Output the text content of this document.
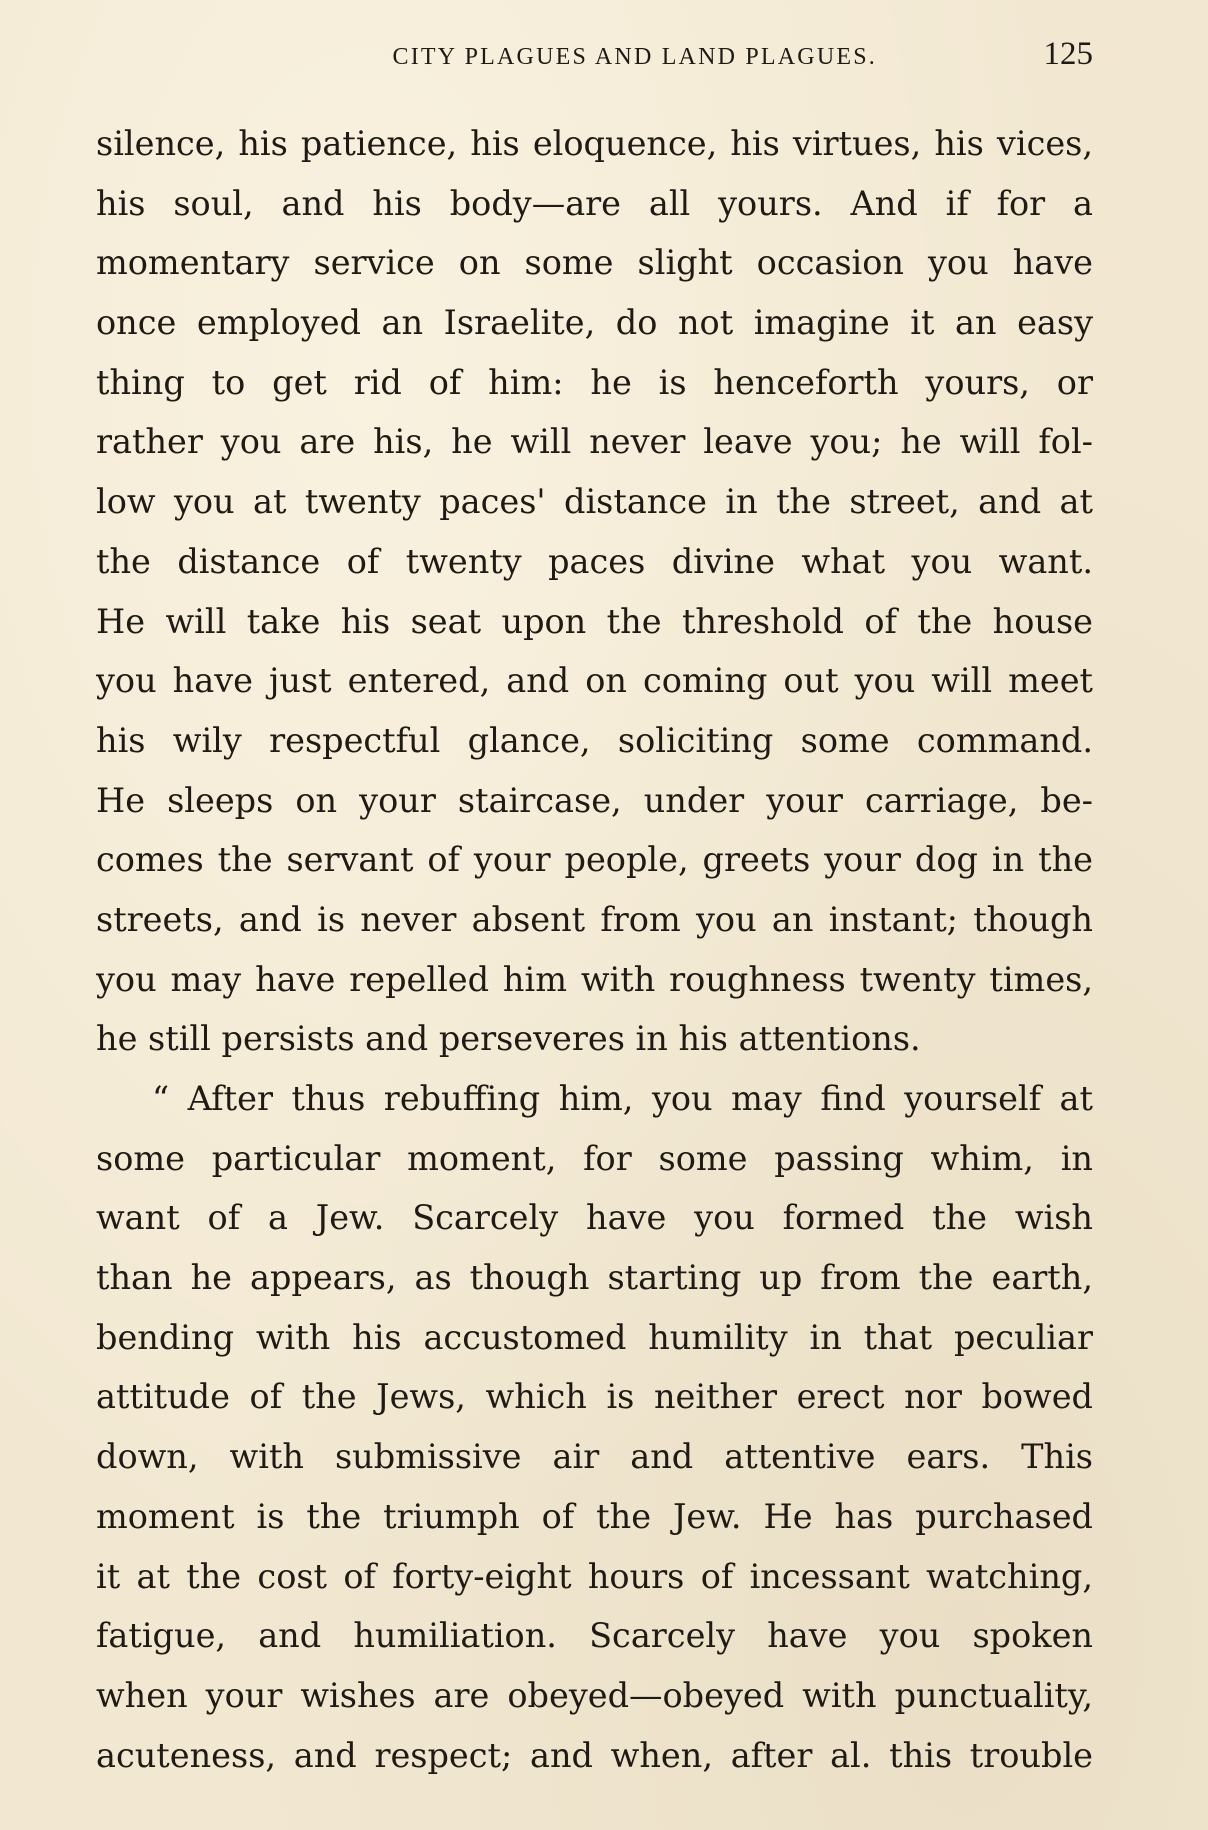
CITY PLAGUES AND LAND PLAGUES.	125
silence, his patience, his eloquence, his virtues, his vices,
his soul, and his body—are all yours. And if for a
momentary service on some slight occasion you have
once employed an Israelite, do not imagine it an easy
thing to get rid of him: he is henceforth yours, or
rather you are his, he will never leave you; he will fol-
low you at twenty paces' distance in the street, and at
the distance of twenty paces divine what you want.
He will take his seat upon the threshold of the house
you have just entered, and on coming out you will meet
his wily respectful glance, soliciting some command.
He sleeps on your staircase, under your carriage, be-
comes the servant of your people, greets your dog in the
streets, and is never absent from you an instant; though
you may have repelled him with roughness twenty times,
he still persists and perseveres in his attentions.
“ After thus rebuffing him, you may find yourself at
some particular moment, for some passing whim, in
want of a Jew. Scarcely have you formed the wish
than he appears, as though starting up from the earth,
bending with his accustomed humility in that peculiar
attitude of the Jews, which is neither erect nor bowed
down, with submissive air and attentive ears. This
moment is the triumph of the Jew. He has purchased
it at the cost of forty-eight hours of incessant watching,
fatigue, and humiliation. Scarcely have you spoken
when your wishes are obeyed—obeyed with punctuality,
acuteness, and respect; and when, after al. this trouble
